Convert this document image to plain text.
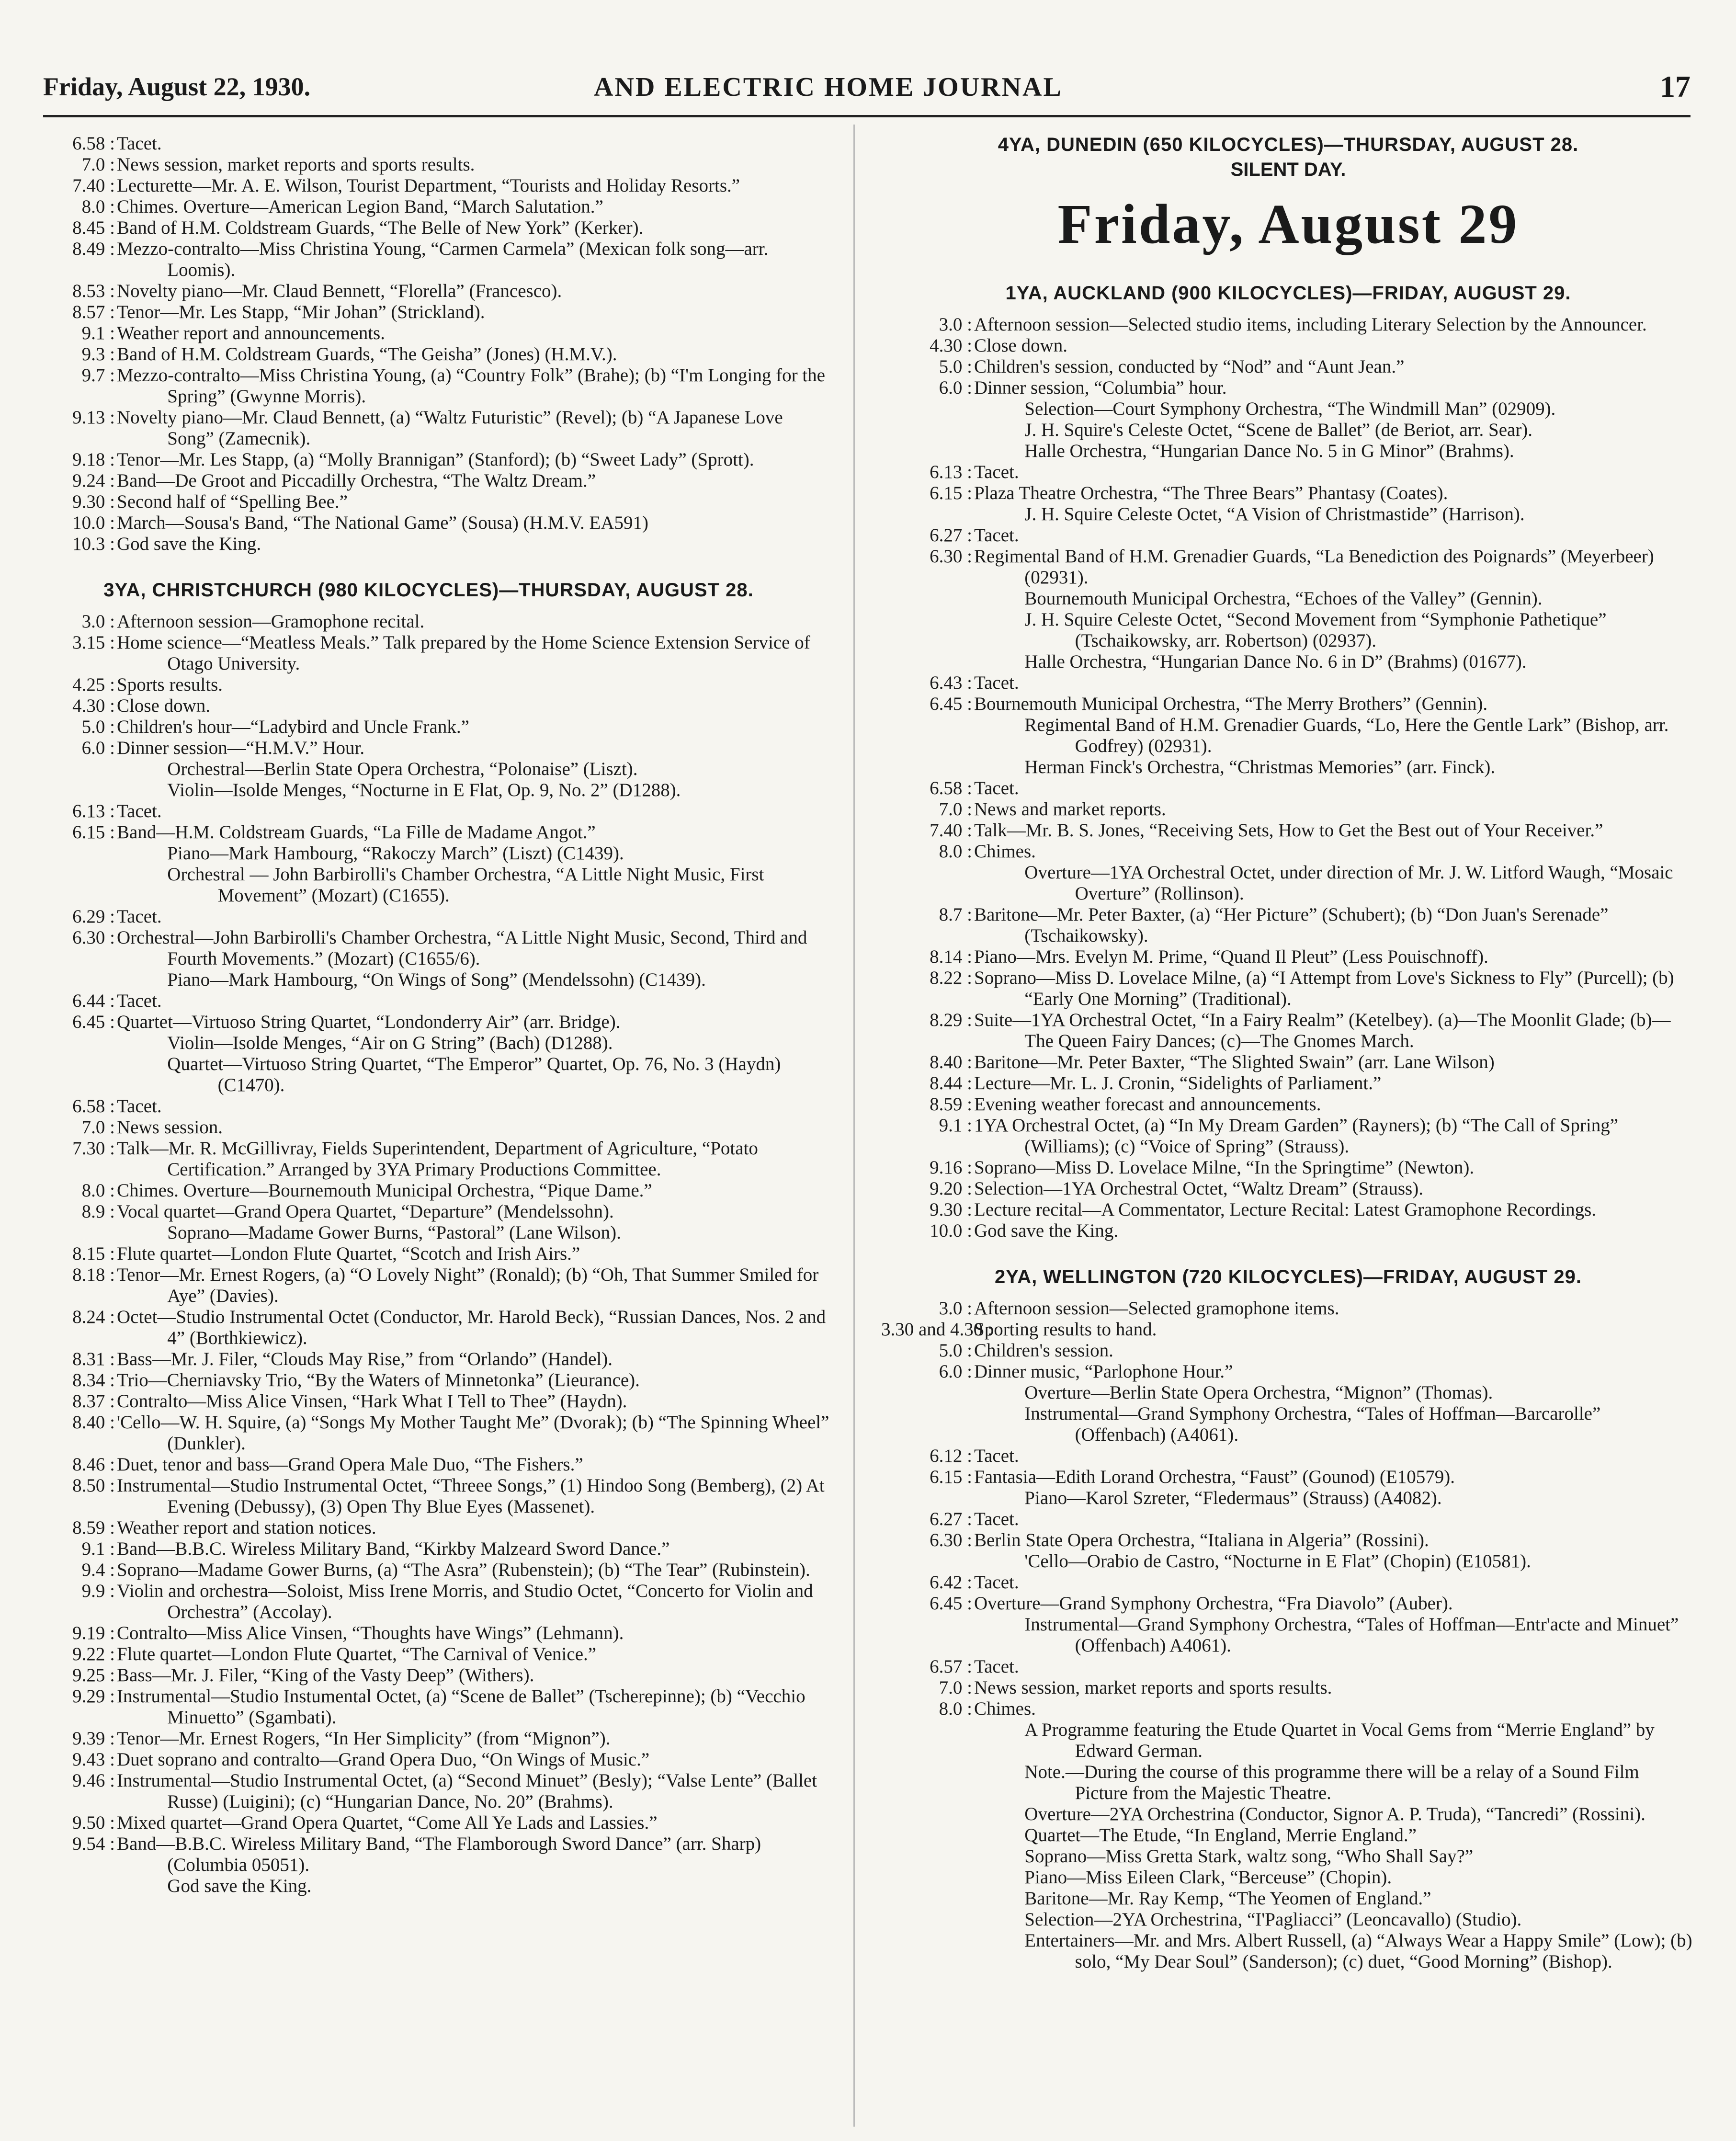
Friday, August 22, 1930.	AND ELECTRIC HOME JOURNAL	17
6.58 : Tacet.
7.0 : News session, market reports and sports results.
7.40 : Lecturette—Mr. A. E. Wilson, Tourist Department, “Tourists and Holiday Resorts.”
8.0 : Chimes. Overture—American Legion Band, “March Salutation.”
8.45 : Band of H.M. Coldstream Guards, “The Belle of New York” (Kerker).
8.49 : Mezzo-contralto—Miss Christina Young, “Carmen Carmela” (Mexican folk song—arr. Loomis).
8.53 : Novelty piano—Mr. Claud Bennett, “Florella” (Francesco).
8.57 : Tenor—Mr. Les Stapp, “Mir Johan” (Strickland).
9.1 : Weather report and announcements.
9.3 : Band of H.M. Coldstream Guards, “The Geisha” (Jones) (H.M.V.).
9.7 : Mezzo-contralto—Miss Christina Young, (a) “Country Folk” (Brahe); (b) “I'm Longing for the Spring” (Gwynne Morris).
9.13 : Novelty piano—Mr. Claud Bennett, (a) “Waltz Futuristic” (Revel); (b) “A Japanese Love Song” (Zamecnik).
9.18 : Tenor—Mr. Les Stapp, (a) “Molly Brannigan” (Stanford); (b) “Sweet Lady” (Sprott).
9.24 : Band—De Groot and Piccadilly Orchestra, “The Waltz Dream.”
9.30 : Second half of “Spelling Bee.”
10.0 : March—Sousa's Band, “The National Game” (Sousa) (H.M.V. EA591)
10.3 : God save the King.
3YA, CHRISTCHURCH (980 KILOCYCLES)—THURSDAY, AUGUST 28.
3.0 : Afternoon session—Gramophone recital.
3.15 : Home science—“Meatless Meals.” Talk prepared by the Home Science Extension Service of Otago University.
4.25 : Sports results.
4.30 : Close down.
5.0 : Children's hour—“Ladybird and Uncle Frank.”
6.0 : Dinner session—“H.M.V.” Hour.
Orchestral—Berlin State Opera Orchestra, “Polonaise” (Liszt).
Violin—Isolde Menges, “Nocturne in E Flat, Op. 9, No. 2” (D1288).
6.13 : Tacet.
6.15 : Band—H.M. Coldstream Guards, “La Fille de Madame Angot.”
Piano—Mark Hambourg, “Rakoczy March” (Liszt) (C1439).
Orchestral — John Barbirolli's Chamber Orchestra, “A Little Night Music, First Movement” (Mozart) (C1655).
6.29 : Tacet.
6.30 : Orchestral—John Barbirolli's Chamber Orchestra, “A Little Night Music, Second, Third and Fourth Movements.” (Mozart) (C1655/6).
Piano—Mark Hambourg, “On Wings of Song” (Mendelssohn) (C1439).
6.44 : Tacet.
6.45 : Quartet—Virtuoso String Quartet, “Londonderry Air” (arr. Bridge).
Violin—Isolde Menges, “Air on G String” (Bach) (D1288).
Quartet—Virtuoso String Quartet, “The Emperor” Quartet, Op. 76, No. 3 (Haydn) (C1470).
6.58 : Tacet.
7.0 : News session.
7.30 : Talk—Mr. R. McGillivray, Fields Superintendent, Department of Agriculture, “Potato Certification.” Arranged by 3YA Primary Productions Committee.
8.0 : Chimes. Overture—Bournemouth Municipal Orchestra, “Pique Dame.”
8.9 : Vocal quartet—Grand Opera Quartet, “Departure” (Mendelssohn).
Soprano—Madame Gower Burns, “Pastoral” (Lane Wilson).
8.15 : Flute quartet—London Flute Quartet, “Scotch and Irish Airs.”
8.18 : Tenor—Mr. Ernest Rogers, (a) “O Lovely Night” (Ronald); (b) “Oh, That Summer Smiled for Aye” (Davies).
8.24 : Octet—Studio Instrumental Octet (Conductor, Mr. Harold Beck), “Russian Dances, Nos. 2 and 4” (Borthkiewicz).
8.31 : Bass—Mr. J. Filer, “Clouds May Rise,” from “Orlando” (Handel).
8.34 : Trio—Cherniavsky Trio, “By the Waters of Minnetonka” (Lieurance).
8.37 : Contralto—Miss Alice Vinsen, “Hark What I Tell to Thee” (Haydn).
8.40 : 'Cello—W. H. Squire, (a) “Songs My Mother Taught Me” (Dvorak); (b) “The Spinning Wheel” (Dunkler).
8.46 : Duet, tenor and bass—Grand Opera Male Duo, “The Fishers.”
8.50 : Instrumental—Studio Instrumental Octet, “Threee Songs,” (1) Hindoo Song (Bemberg), (2) At Evening (Debussy), (3) Open Thy Blue Eyes (Massenet).
8.59 : Weather report and station notices.
9.1 : Band—B.B.C. Wireless Military Band, “Kirkby Malzeard Sword Dance.”
9.4 : Soprano—Madame Gower Burns, (a) “The Asra” (Rubenstein); (b) “The Tear” (Rubinstein).
9.9 : Violin and orchestra—Soloist, Miss Irene Morris, and Studio Octet, “Concerto for Violin and Orchestra” (Accolay).
9.19 : Contralto—Miss Alice Vinsen, “Thoughts have Wings” (Lehmann).
9.22 : Flute quartet—London Flute Quartet, “The Carnival of Venice.”
9.25 : Bass—Mr. J. Filer, “King of the Vasty Deep” (Withers).
9.29 : Instrumental—Studio Instumental Octet, (a) “Scene de Ballet” (Tscherepinne); (b) “Vecchio Minuetto” (Sgambati).
9.39 : Tenor—Mr. Ernest Rogers, “In Her Simplicity” (from “Mignon”).
9.43 : Duet soprano and contralto—Grand Opera Duo, “On Wings of Music.”
9.46 : Instrumental—Studio Instrumental Octet, (a) “Second Minuet” (Besly); “Valse Lente” (Ballet Russe) (Luigini); (c) “Hungarian Dance, No. 20” (Brahms).
9.50 : Mixed quartet—Grand Opera Quartet, “Come All Ye Lads and Lassies.”
9.54 : Band—B.B.C. Wireless Military Band, “The Flamborough Sword Dance” (arr. Sharp) (Columbia 05051).
God save the King.
4YA, DUNEDIN (650 KILOCYCLES)—THURSDAY, AUGUST 28.
SILENT DAY.
Friday, August 29
1YA, AUCKLAND (900 KILOCYCLES)—FRIDAY, AUGUST 29.
3.0 : Afternoon session—Selected studio items, including Literary Selection by the Announcer.
4.30 : Close down.
5.0 : Children's session, conducted by “Nod” and “Aunt Jean.”
6.0 : Dinner session, “Columbia” hour.
Selection—Court Symphony Orchestra, “The Windmill Man” (02909).
J. H. Squire's Celeste Octet, “Scene de Ballet” (de Beriot, arr. Sear).
Halle Orchestra, “Hungarian Dance No. 5 in G Minor” (Brahms).
6.13 : Tacet.
6.15 : Plaza Theatre Orchestra, “The Three Bears” Phantasy (Coates).
J. H. Squire Celeste Octet, “A Vision of Christmastide” (Harrison).
6.27 : Tacet.
6.30 : Regimental Band of H.M. Grenadier Guards, “La Benediction des Poignards” (Meyerbeer) (02931).
Bournemouth Municipal Orchestra, “Echoes of the Valley” (Gennin).
J. H. Squire Celeste Octet, “Second Movement from “Symphonie Pathetique” (Tschaikowsky, arr. Robertson) (02937).
Halle Orchestra, “Hungarian Dance No. 6 in D” (Brahms) (01677).
6.43 : Tacet.
6.45 : Bournemouth Municipal Orchestra, “The Merry Brothers” (Gennin).
Regimental Band of H.M. Grenadier Guards, “Lo, Here the Gentle Lark” (Bishop, arr. Godfrey) (02931).
Herman Finck's Orchestra, “Christmas Memories” (arr. Finck).
6.58 : Tacet.
7.0 : News and market reports.
7.40 : Talk—Mr. B. S. Jones, “Receiving Sets, How to Get the Best out of Your Receiver.”
8.0 : Chimes.
Overture—1YA Orchestral Octet, under direction of Mr. J. W. Litford Waugh, “Mosaic Overture” (Rollinson).
8.7 : Baritone—Mr. Peter Baxter, (a) “Her Picture” (Schubert); (b) “Don Juan's Serenade” (Tschaikowsky).
8.14 : Piano—Mrs. Evelyn M. Prime, “Quand Il Pleut” (Less Pouischnoff).
8.22 : Soprano—Miss D. Lovelace Milne, (a) “I Attempt from Love's Sickness to Fly” (Purcell); (b) “Early One Morning” (Traditional).
8.29 : Suite—1YA Orchestral Octet, “In a Fairy Realm” (Ketelbey). (a)—The Moonlit Glade; (b)—The Queen Fairy Dances; (c)—The Gnomes March.
8.40 : Baritone—Mr. Peter Baxter, “The Slighted Swain” (arr. Lane Wilson)
8.44 : Lecture—Mr. L. J. Cronin, “Sidelights of Parliament.”
8.59 : Evening weather forecast and announcements.
9.1 : 1YA Orchestral Octet, (a) “In My Dream Garden” (Rayners); (b) “The Call of Spring” (Williams); (c) “Voice of Spring” (Strauss).
9.16 : Soprano—Miss D. Lovelace Milne, “In the Springtime” (Newton).
9.20 : Selection—1YA Orchestral Octet, “Waltz Dream” (Strauss).
9.30 : Lecture recital—A Commentator, Lecture Recital: Latest Gramophone Recordings.
10.0 : God save the King.
2YA, WELLINGTON (720 KILOCYCLES)—FRIDAY, AUGUST 29.
3.0 : Afternoon session—Selected gramophone items.
3.30 and 4.30 :
Sporting results to hand.
5.0 : Children's session.
6.0 : Dinner music, “Parlophone Hour.”
Overture—Berlin State Opera Orchestra, “Mignon” (Thomas).
Instrumental—Grand Symphony Orchestra, “Tales of Hoffman—Barcarolle” (Offenbach) (A4061).
6.12 : Tacet.
6.15 : Fantasia—Edith Lorand Orchestra, “Faust” (Gounod) (E10579).
Piano—Karol Szreter, “Fledermaus” (Strauss) (A4082).
6.27 : Tacet.
6.30 : Berlin State Opera Orchestra, “Italiana in Algeria” (Rossini).
'Cello—Orabio de Castro, “Nocturne in E Flat” (Chopin) (E10581).
6.42 : Tacet.
6.45 : Overture—Grand Symphony Orchestra, “Fra Diavolo” (Auber).
Instrumental—Grand Symphony Orchestra, “Tales of Hoffman—Entr'acte and Minuet” (Offenbach) A4061).
6.57 : Tacet.
7.0 : News session, market reports and sports results.
8.0 : Chimes.
A Programme featuring the Etude Quartet in Vocal Gems from “Merrie England” by Edward German.
Note.—During the course of this programme there will be a relay of a Sound Film Picture from the Majestic Theatre.
Overture—2YA Orchestrina (Conductor, Signor A. P. Truda), “Tancredi” (Rossini).
Quartet—The Etude, “In England, Merrie England.”
Soprano—Miss Gretta Stark, waltz song, “Who Shall Say?”
Piano—Miss Eileen Clark, “Berceuse” (Chopin).
Baritone—Mr. Ray Kemp, “The Yeomen of England.”
Selection—2YA Orchestrina, “I'Pagliacci” (Leoncavallo) (Studio).
Entertainers—Mr. and Mrs. Albert Russell, (a) “Always Wear a Happy Smile” (Low); (b) solo, “My Dear Soul” (Sanderson); (c) duet, “Good Morning” (Bishop).
